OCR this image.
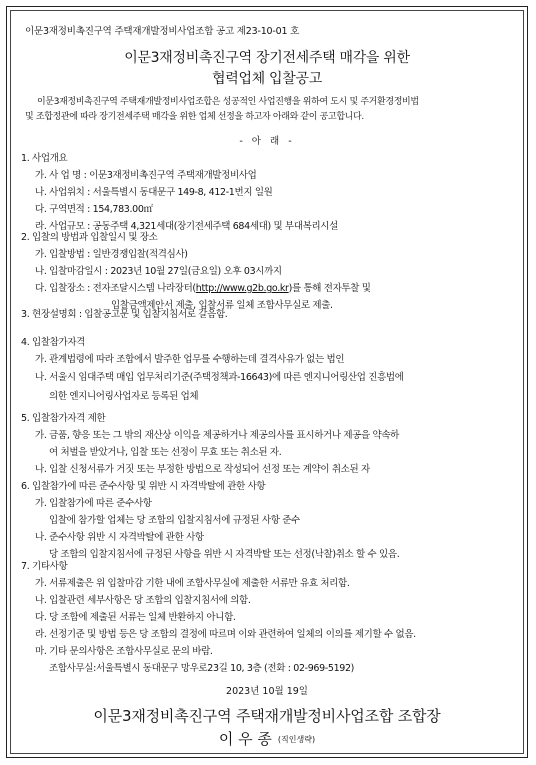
이문3재정비촉진구역 주택재개발정비사업조합 공고 제23-10-01 호
이문3재정비촉진구역 장기전세주택 매각을 위한
협력업체 입찰공고

이문3재정비촉진구역 주택재개발정비사업조합은 성공적인 사업진행을 위하여 도시 및 주거환경정비법

및 조합정관에 따라 장기전세주택 매각을 위한 업체 선정을 하고자 아래와 같이 공고합니다.

- 아 래 -
1. 사업개요
가. 사 업 명 : 이문3재정비촉진구역 주택재개발정비사업
나. 사업위치 : 서울특별시 동대문구 149-8, 412-1번지 일원
다. 구역면적 : 154,783.00㎡
라. 사업규모 : 공동주택 4,321세대(장기전세주택 684세대) 및 부대복리시설
2. 입찰의 방법과 입찰일시 및 장소
가. 입찰방법 : 일반경쟁입찰(적격심사)
나. 입찰마감일시 : 2023년 10월 27일(금요일) 오후 03시까지
다. 입찰장소 : 전자조달시스템 나라장터(http://www.g2b.go.kr)를 통해 전자투찰 및
입찰금액제안서 제출, 입찰서류 일체 조합사무실로 제출.
3. 현장설명회 : 입찰공고문 및 입찰지침서로 갈음함.
4. 입찰참가자격
가. 관계법령에 따라 조합에서 발주한 업무를 수행하는데 결격사유가 없는 법인
나. 서울시 임대주택 매입 업무처리기준(주택정책과-16643)에 따른 엔지니어링산업 진흥법에
의한 엔지니어링사업자로 등록된 업체
5. 입찰참가자격 제한
가. 금품, 향응 또는 그 밖의 재산상 이익을 제공하거나 제공의사를 표시하거나 제공을 약속하
여 처벌을 받았거나, 입찰 또는 선정이 무효 또는 취소된 자.
나. 입찰 신청서류가 거짓 또는 부정한 방법으로 작성되어 선정 또는 계약이 취소된 자
6. 입찰참가에 따른 준수사항 및 위반 시 자격박탈에 관한 사항
가. 입찰참가에 따른 준수사항
입찰에 참가할 업체는 당 조합의 입찰지침서에 규정된 사항 준수
나. 준수사항 위반 시 자격박탈에 관한 사항
당 조합의 입찰지침서에 규정된 사항을 위반 시 자격박탈 또는 선정(낙찰)취소 할 수 있음.
7. 기타사항
가. 서류제출은 위 입찰마감 기한 내에 조합사무실에 제출한 서류만 유효 처리함.
나. 입찰관련 세부사항은 당 조합의 입찰지침서에 의함.
다. 당 조합에 제출된 서류는 일체 반환하지 아니함.
라. 선정기준 및 방법 등은 당 조합의 결정에 따르며 이와 관련하여 일체의 이의를 제기할 수 없음.
마. 기타 문의사항은 조합사무실로 문의 바람.
조합사무실:서울특별시 동대문구 망우로23길 10, 3층 (전화 : 02-969-5192)
2023년 10월 19일
이문3재정비촉진구역 주택재개발정비사업조합 조합장
이 우 종 (직인생략)
